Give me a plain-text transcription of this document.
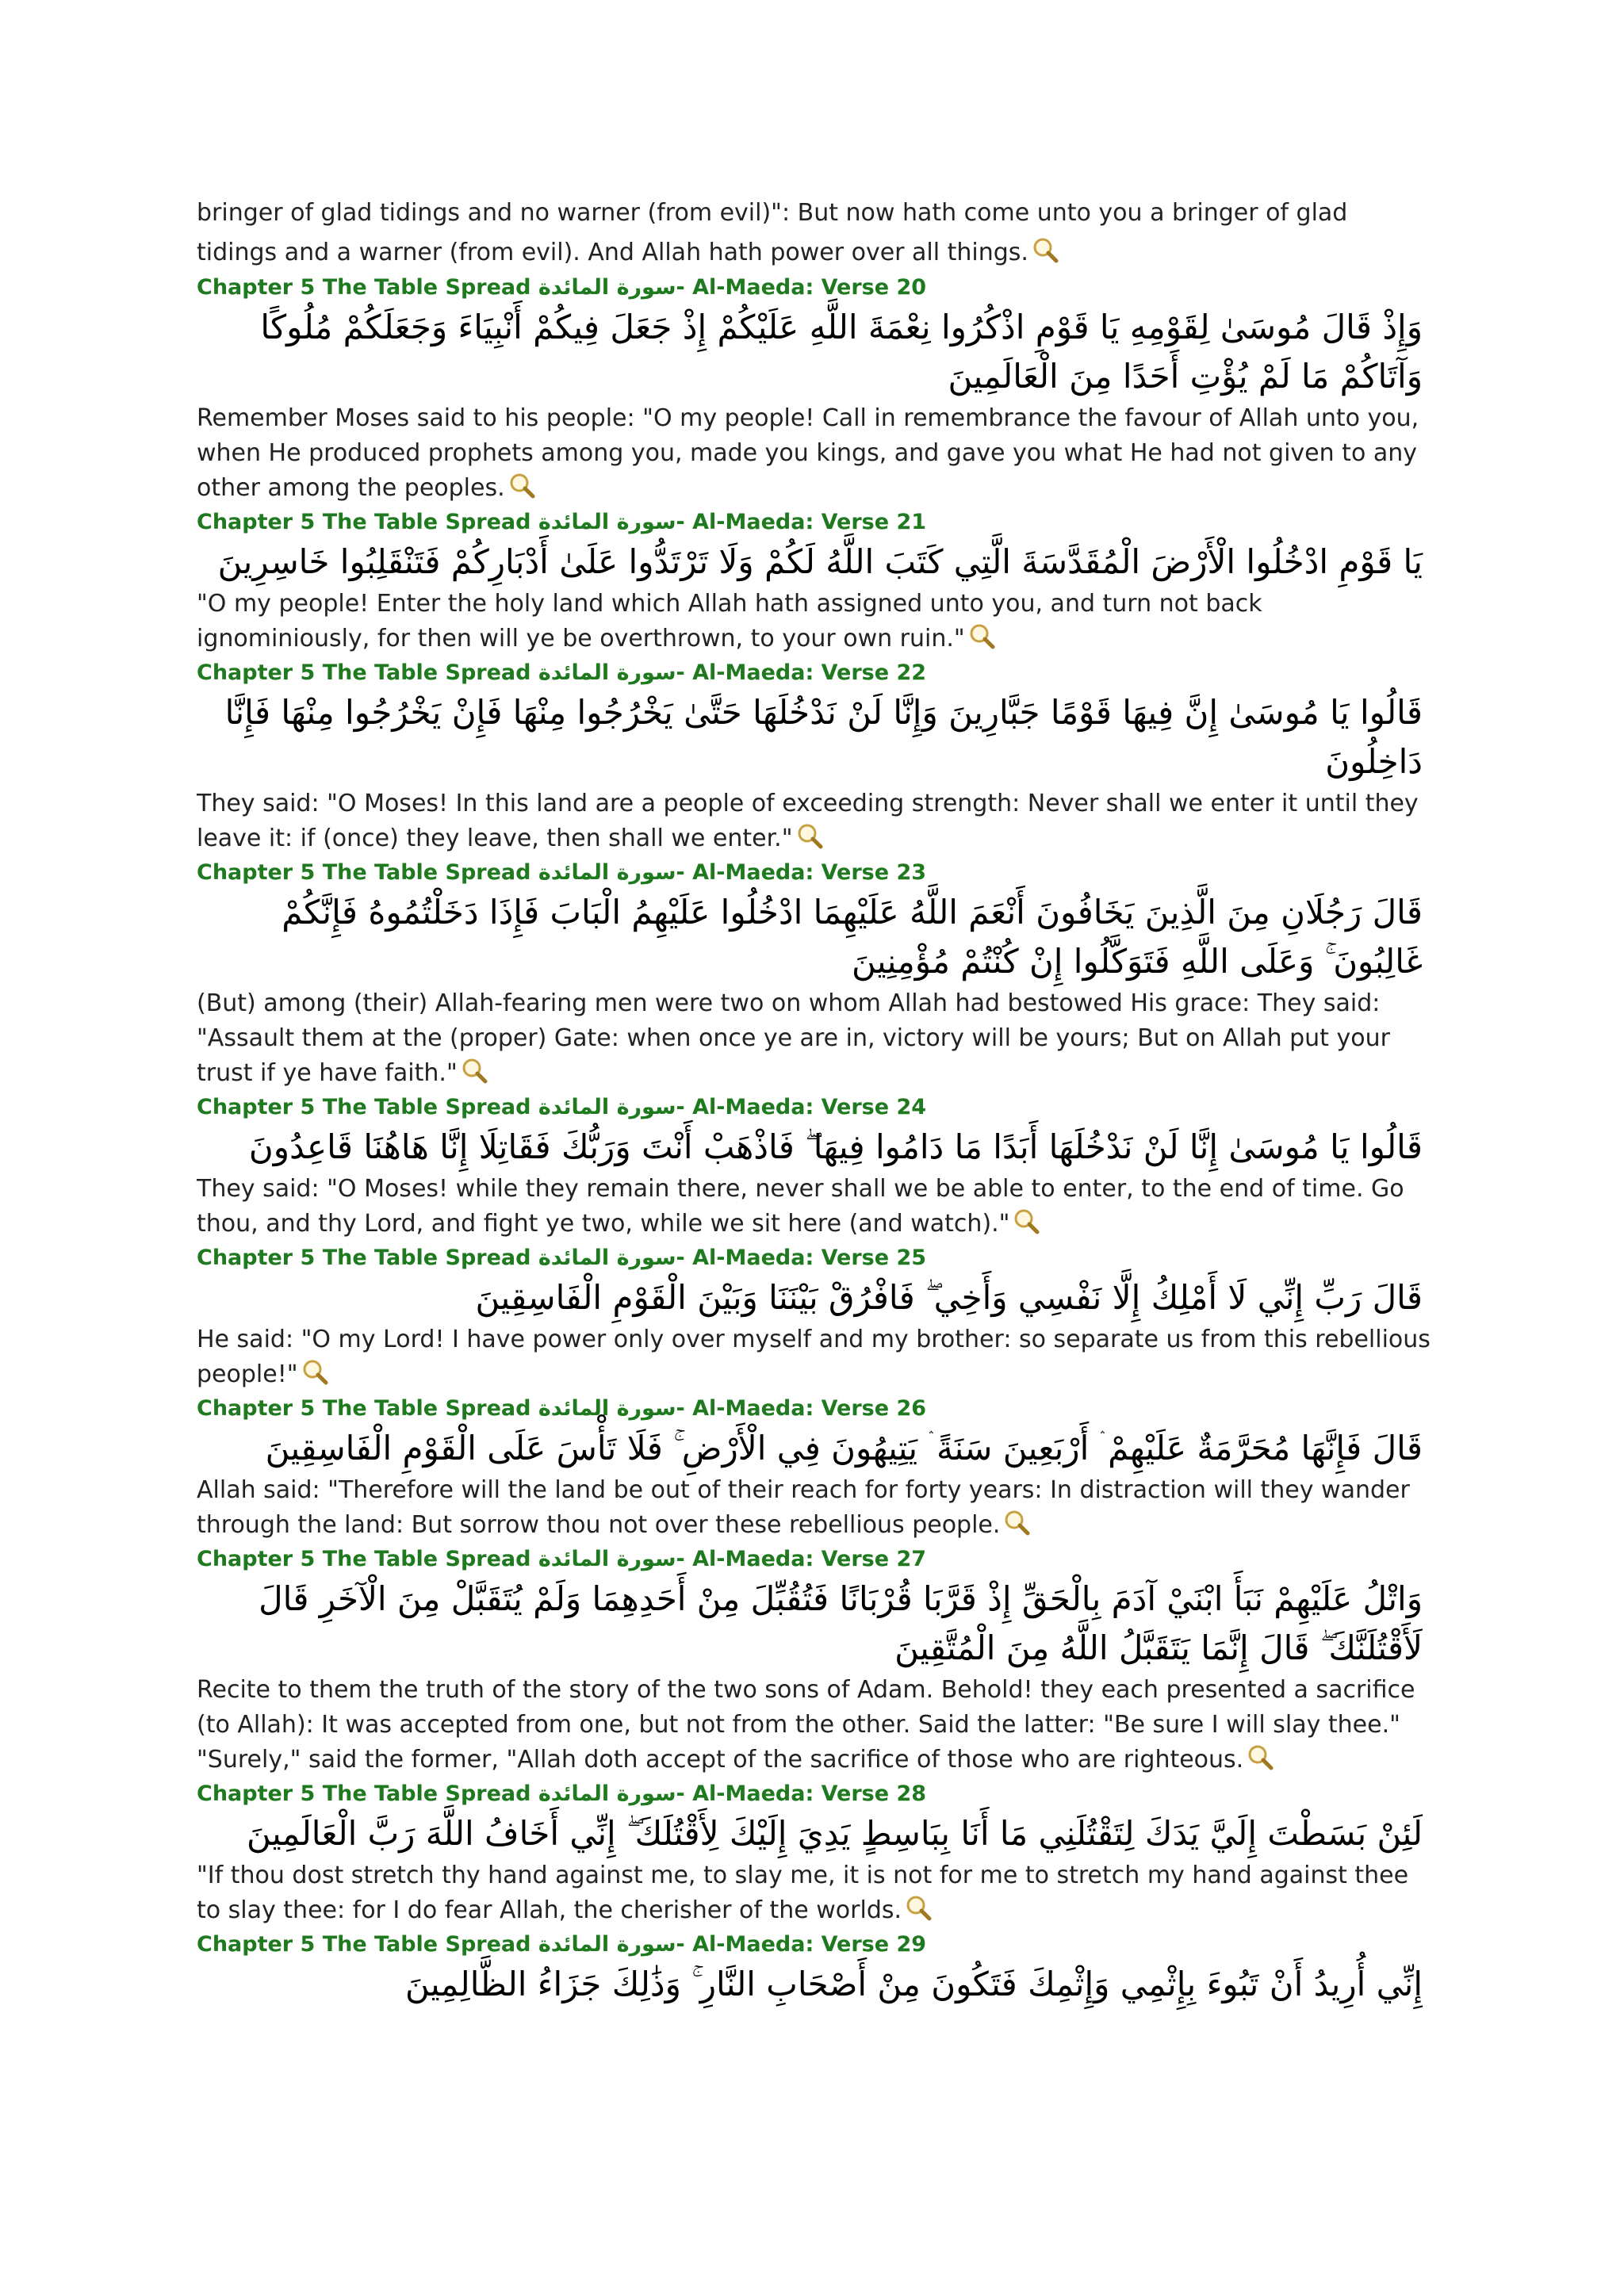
bringer of glad tidings and no warner (from evil)": But now hath come unto you a bringer of glad tidings and a warner (from evil). And Allah hath power over all things.

Chapter 5 The Table Spread سورة المائدة- Al-Maeda: Verse 20

وَإِذْ قَالَ مُوسَىٰ لِقَوْمِهِ يَا قَوْمِ اذْكُرُوا نِعْمَةَ اللَّهِ عَلَيْكُمْ إِذْ جَعَلَ فِيكُمْ أَنْبِيَاءَ وَجَعَلَكُمْ مُلُوكًا وَآتَاكُمْ مَا لَمْ يُؤْتِ أَحَدًا مِنَ الْعَالَمِينَ

Remember Moses said to his people: "O my people! Call in remembrance the favour of Allah unto you, when He produced prophets among you, made you kings, and gave you what He had not given to any other among the peoples.

Chapter 5 The Table Spread سورة المائدة- Al-Maeda: Verse 21

يَا قَوْمِ ادْخُلُوا الْأَرْضَ الْمُقَدَّسَةَ الَّتِي كَتَبَ اللَّهُ لَكُمْ وَلَا تَرْتَدُّوا عَلَىٰ أَدْبَارِكُمْ فَتَنْقَلِبُوا خَاسِرِينَ

"O my people! Enter the holy land which Allah hath assigned unto you, and turn not back ignominiously, for then will ye be overthrown, to your own ruin."

Chapter 5 The Table Spread سورة المائدة- Al-Maeda: Verse 22

قَالُوا يَا مُوسَىٰ إِنَّ فِيهَا قَوْمًا جَبَّارِينَ وَإِنَّا لَنْ نَدْخُلَهَا حَتَّىٰ يَخْرُجُوا مِنْهَا فَإِنْ يَخْرُجُوا مِنْهَا فَإِنَّا دَاخِلُونَ

They said: "O Moses! In this land are a people of exceeding strength: Never shall we enter it until they leave it: if (once) they leave, then shall we enter."

Chapter 5 The Table Spread سورة المائدة- Al-Maeda: Verse 23

قَالَ رَجُلَانِ مِنَ الَّذِينَ يَخَافُونَ أَنْعَمَ اللَّهُ عَلَيْهِمَا ادْخُلُوا عَلَيْهِمُ الْبَابَ فَإِذَا دَخَلْتُمُوهُ فَإِنَّكُمْ غَالِبُونَ ۚ وَعَلَى اللَّهِ فَتَوَكَّلُوا إِنْ كُنْتُمْ مُؤْمِنِينَ

(But) among (their) Allah-fearing men were two on whom Allah had bestowed His grace: They said: "Assault them at the (proper) Gate: when once ye are in, victory will be yours; But on Allah put your trust if ye have faith."

Chapter 5 The Table Spread سورة المائدة- Al-Maeda: Verse 24

قَالُوا يَا مُوسَىٰ إِنَّا لَنْ نَدْخُلَهَا أَبَدًا مَا دَامُوا فِيهَا ۖ فَاذْهَبْ أَنْتَ وَرَبُّكَ فَقَاتِلَا إِنَّا هَاهُنَا قَاعِدُونَ

They said: "O Moses! while they remain there, never shall we be able to enter, to the end of time. Go thou, and thy Lord, and fight ye two, while we sit here (and watch)."

Chapter 5 The Table Spread سورة المائدة- Al-Maeda: Verse 25

قَالَ رَبِّ إِنِّي لَا أَمْلِكُ إِلَّا نَفْسِي وَأَخِي ۖ فَافْرُقْ بَيْنَنَا وَبَيْنَ الْقَوْمِ الْفَاسِقِينَ

He said: "O my Lord! I have power only over myself and my brother: so separate us from this rebellious people!"

Chapter 5 The Table Spread سورة المائدة- Al-Maeda: Verse 26

قَالَ فَإِنَّهَا مُحَرَّمَةٌ عَلَيْهِمْ ۛ أَرْبَعِينَ سَنَةً ۛ يَتِيهُونَ فِي الْأَرْضِ ۚ فَلَا تَأْسَ عَلَى الْقَوْمِ الْفَاسِقِينَ

Allah said: "Therefore will the land be out of their reach for forty years: In distraction will they wander through the land: But sorrow thou not over these rebellious people.

Chapter 5 The Table Spread سورة المائدة- Al-Maeda: Verse 27

وَاتْلُ عَلَيْهِمْ نَبَأَ ابْنَيْ آدَمَ بِالْحَقِّ إِذْ قَرَّبَا قُرْبَانًا فَتُقُبِّلَ مِنْ أَحَدِهِمَا وَلَمْ يُتَقَبَّلْ مِنَ الْآخَرِ قَالَ لَأَقْتُلَنَّكَ ۖ قَالَ إِنَّمَا يَتَقَبَّلُ اللَّهُ مِنَ الْمُتَّقِينَ

Recite to them the truth of the story of the two sons of Adam. Behold! they each presented a sacrifice (to Allah): It was accepted from one, but not from the other. Said the latter: "Be sure I will slay thee." "Surely," said the former, "Allah doth accept of the sacrifice of those who are righteous.

Chapter 5 The Table Spread سورة المائدة- Al-Maeda: Verse 28

لَئِنْ بَسَطْتَ إِلَيَّ يَدَكَ لِتَقْتُلَنِي مَا أَنَا بِبَاسِطٍ يَدِيَ إِلَيْكَ لِأَقْتُلَكَ ۖ إِنِّي أَخَافُ اللَّهَ رَبَّ الْعَالَمِينَ

"If thou dost stretch thy hand against me, to slay me, it is not for me to stretch my hand against thee to slay thee: for I do fear Allah, the cherisher of the worlds.

Chapter 5 The Table Spread سورة المائدة- Al-Maeda: Verse 29

إِنِّي أُرِيدُ أَنْ تَبُوءَ بِإِثْمِي وَإِثْمِكَ فَتَكُونَ مِنْ أَصْحَابِ النَّارِ ۚ وَذَٰلِكَ جَزَاءُ الظَّالِمِينَ
